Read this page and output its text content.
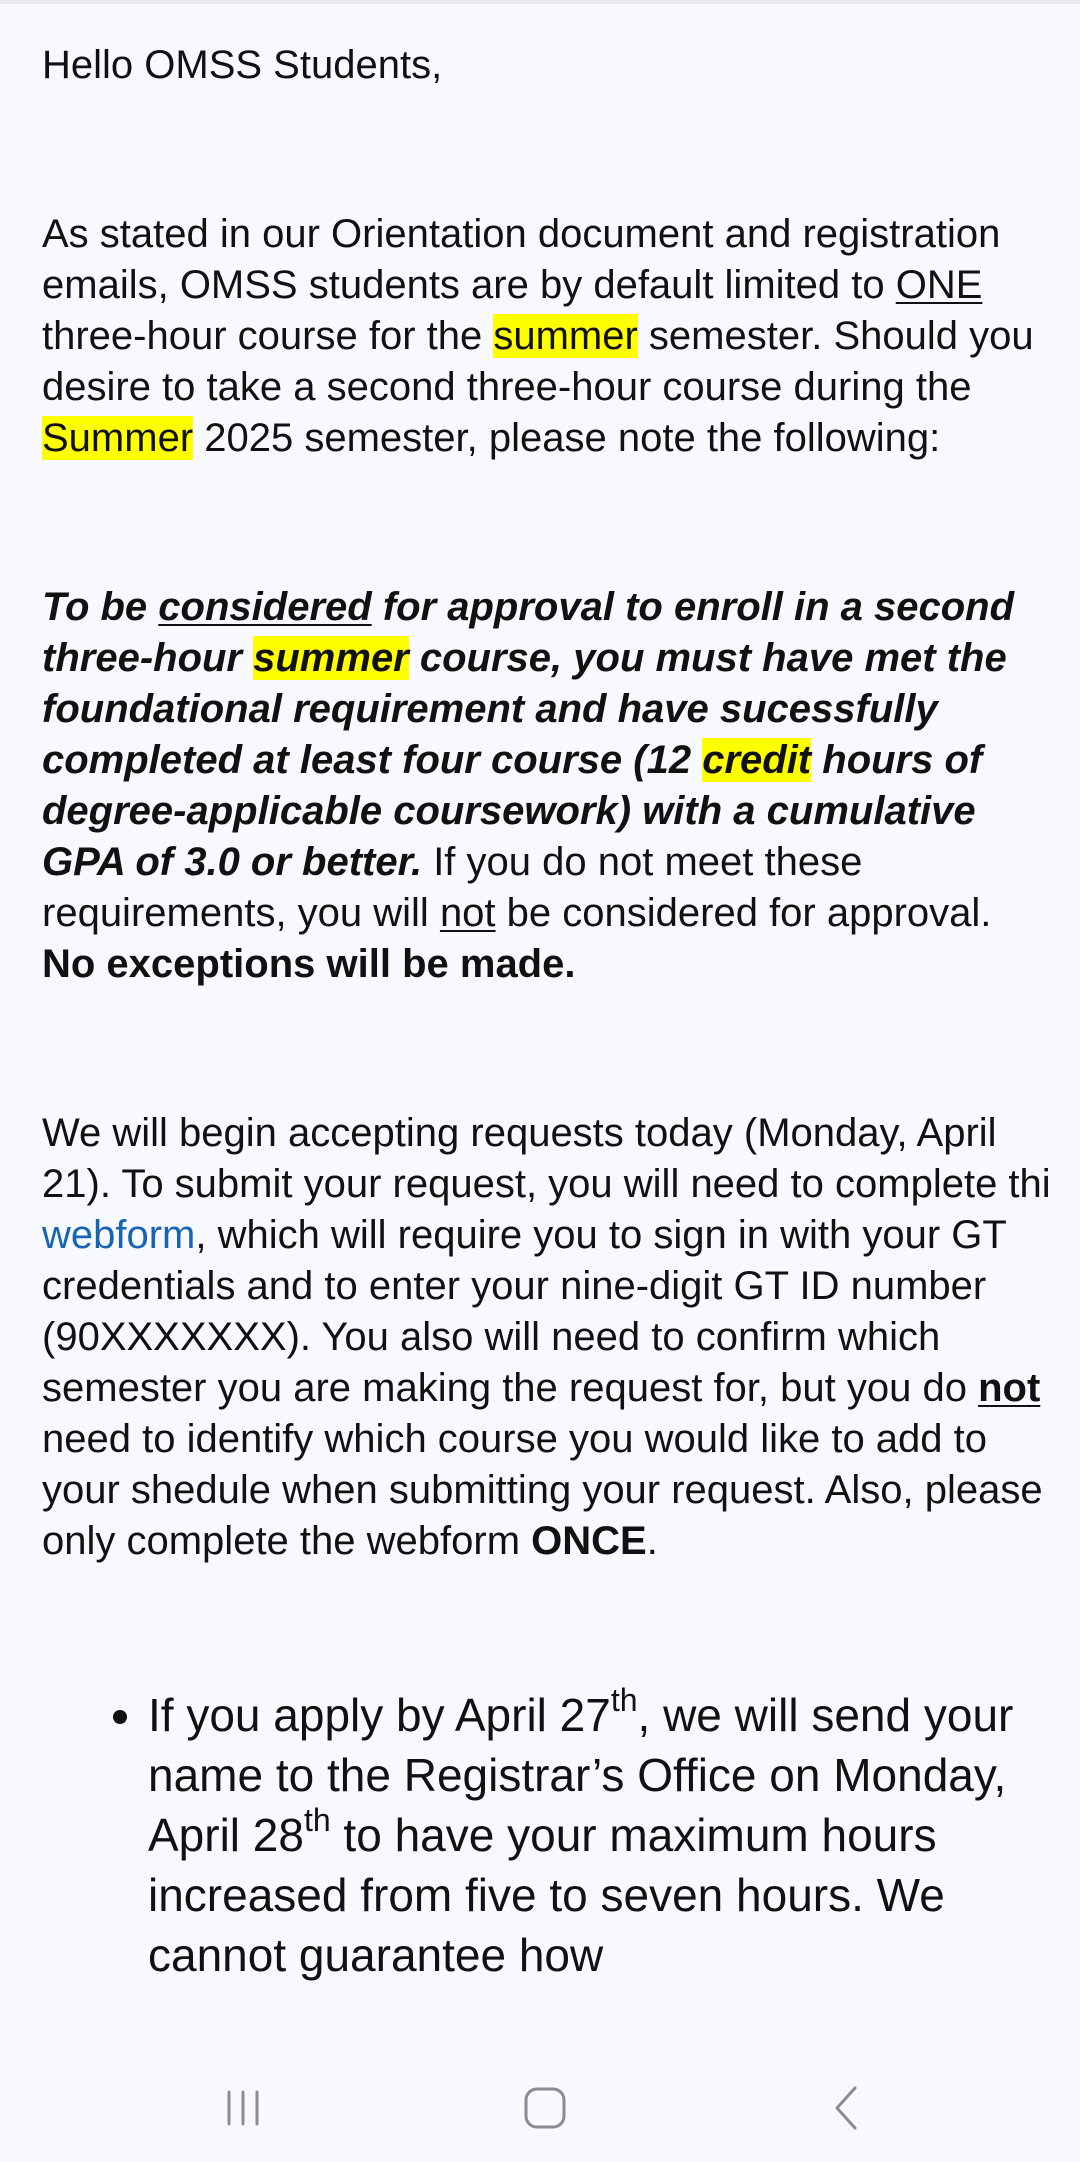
Hello OMSS Students,

As stated in our Orientation document and registration emails, OMSS students are by default limited to ONE three-hour course for the summer semester. Should you desire to take a second three-hour course during the Summer 2025 semester, please note the following:

To be considered for approval to enroll in a second three-hour summer course, you must have met the foundational requirement and have sucessfully completed at least four course (12 credit hours of degree-applicable coursework) with a cumulative GPA of 3.0 or better. If you do not meet these requirements, you will not be considered for approval. No exceptions will be made.

We will begin accepting requests today (Monday, April 21). To submit your request, you will need to complete thi webform, which will require you to sign in with your GT credentials and to enter your nine-digit GT ID number (90XXXXXXX). You also will need to confirm which semester you are making the request for, but you do not need to identify which course you would like to add to your shedule when submitting your request. Also, please only complete the webform ONCE.

• If you apply by April 27th, we will send your name to the Registrar’s Office on Monday, April 28th to have your maximum hours increased from five to seven hours. We cannot guarantee how
